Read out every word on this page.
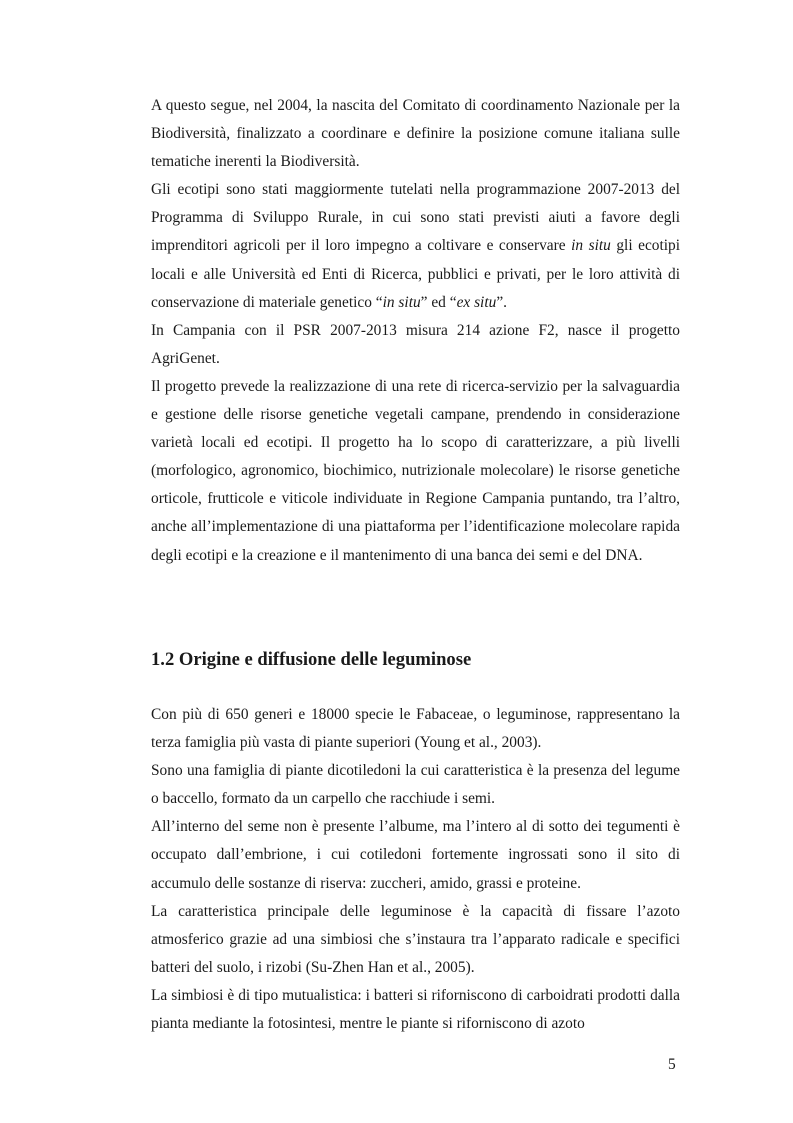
A questo segue, nel 2004, la nascita del Comitato di coordinamento Nazionale per la Biodiversità, finalizzato a coordinare e definire la posizione comune italiana sulle tematiche inerenti la Biodiversità.

Gli ecotipi sono stati maggiormente tutelati nella programmazione 2007-2013 del Programma di Sviluppo Rurale, in cui sono stati previsti aiuti a favore degli imprenditori agricoli per il loro impegno a coltivare e conservare in situ gli ecotipi locali e alle Università ed Enti di Ricerca, pubblici e privati, per le loro attività di conservazione di materiale genetico “in situ” ed “ex situ”.

In Campania con il PSR 2007-2013 misura 214 azione F2, nasce il progetto AgriGenet.

Il progetto prevede la realizzazione di una rete di ricerca-servizio per la salvaguardia e gestione delle risorse genetiche vegetali campane, prendendo in considerazione varietà locali ed ecotipi. Il progetto ha lo scopo di caratterizzare, a più livelli (morfologico, agronomico, biochimico, nutrizionale molecolare) le risorse genetiche orticole, frutticole e viticole individuate in Regione Campania puntando, tra l’altro, anche all’implementazione di una piattaforma per l’identificazione molecolare rapida degli ecotipi e la creazione e il mantenimento di una banca dei semi e del DNA.

1.2 Origine e diffusione delle leguminose

Con più di 650 generi e 18000 specie le Fabaceae, o leguminose, rappresentano la terza famiglia più vasta di piante superiori (Young et al., 2003).

Sono una famiglia di piante dicotiledoni la cui caratteristica è la presenza del legume o baccello, formato da un carpello che racchiude i semi.

All’interno del seme non è presente l’albume, ma l’intero al di sotto dei tegumenti è occupato dall’embrione, i cui cotiledoni fortemente ingrossati sono il sito di accumulo delle sostanze di riserva: zuccheri, amido, grassi e proteine.

La caratteristica principale delle leguminose è la capacità di fissare l’azoto atmosferico grazie ad una simbiosi che s’instaura tra l’apparato radicale e specifici batteri del suolo, i rizobi (Su-Zhen Han et al., 2005).

La simbiosi è di tipo mutualistica: i batteri si riforniscono di carboidrati prodotti dalla pianta mediante la fotosintesi, mentre le piante si riforniscono di azoto

5
